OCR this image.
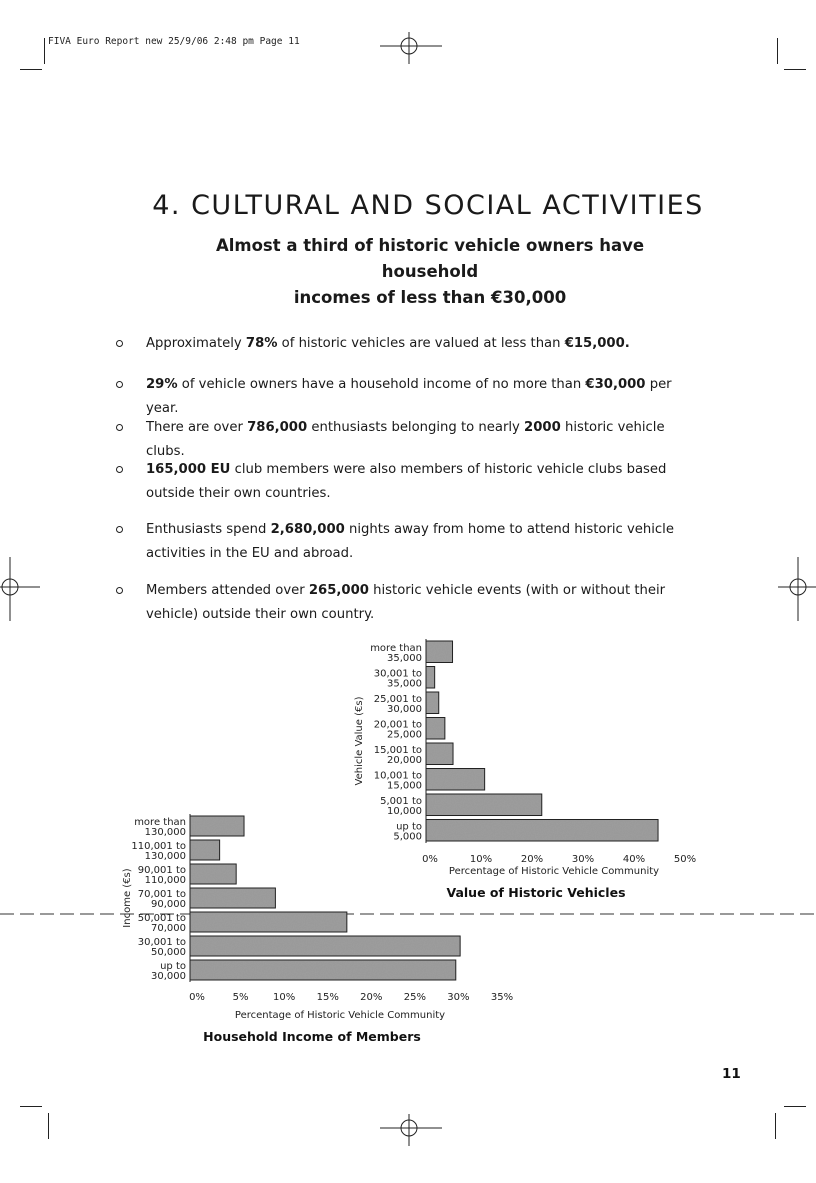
FIVA Euro Report new 25/9/06 2:48 pm Page 11
4. CULTURAL AND SOCIAL ACTIVITIES
Almost a third of historic vehicle owners have household
incomes of less than €30,000
Approximately 78% of historic vehicles are valued at less than €15,000.
29% of vehicle owners have a household income of no more than €30,000 per year.
There are over 786,000 enthusiasts belonging to nearly 2000 historic vehicle clubs.
165,000 EU club members were also members of historic vehicle clubs based outside their own countries.
Enthusiasts spend 2,680,000 nights away from home to attend historic vehicle activities in the EU and abroad.
Members attended over 265,000 historic vehicle events (with or without their vehicle) outside their own country.
more than
35,000
30,001 to
35,000
25,001 to
30,000
20,001 to
25,000
15,001 to
20,000
10,001 to
15,000
5,001 to
10,000
up to
5,000
0%	10%	20%	30%	40%	50%
Percentage of Historic Vehicle Community
Value of Historic Vehicles
Vehicle Value (€s)
more than
130,000
110,001 to
130,000
90,001 to
110,000
70,001 to
90,000
50,001 to
70,000
30,001 to
50,000
up to
30,000
0%	5% 10% 15% 20% 25% 30% 35%
Percentage of Historic Vehicle Community
Household Income of Members
Income (€s)
11
